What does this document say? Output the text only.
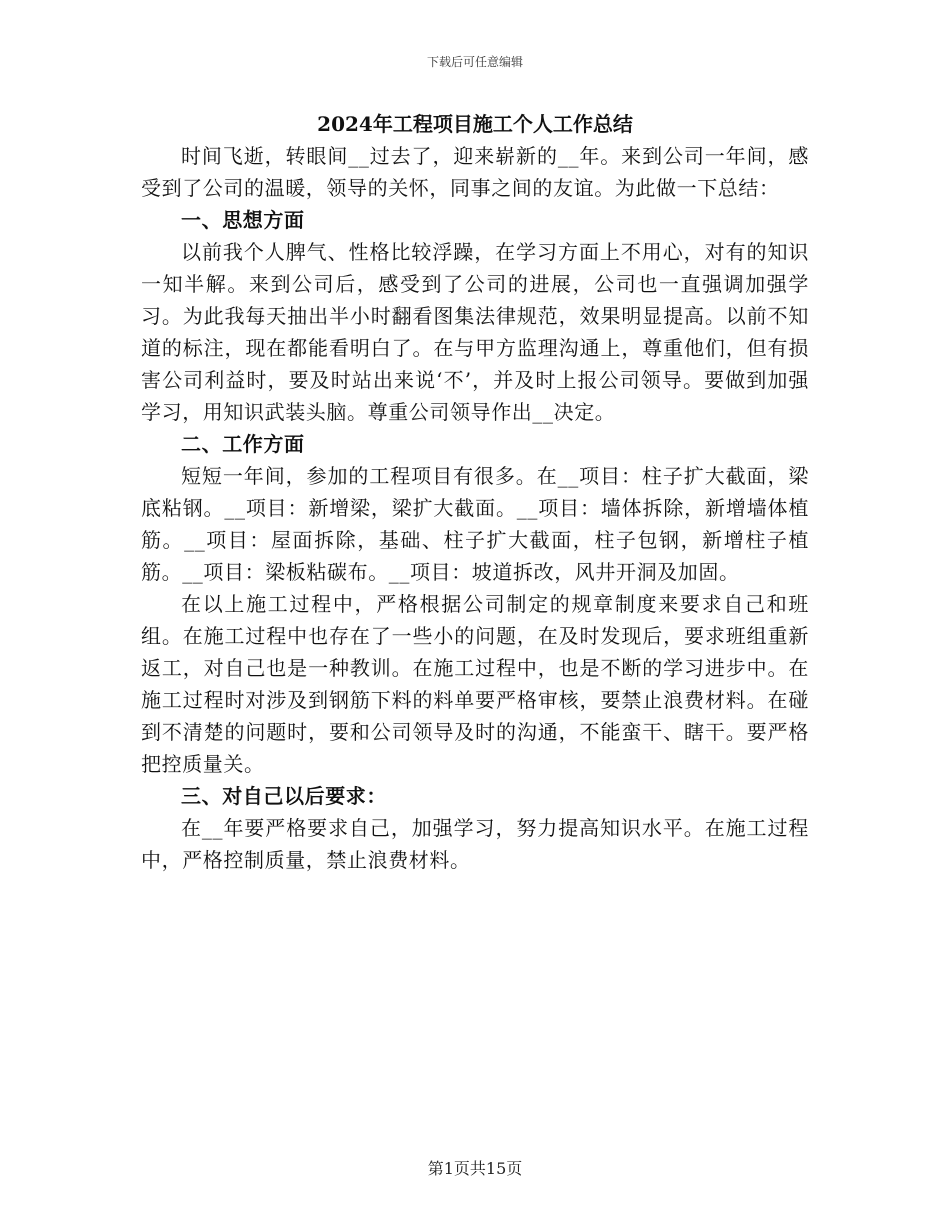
下载后可任意编辑

2024年工程项目施工个人工作总结

时间飞逝，转眼间__过去了，迎来崭新的__年。来到公司一年间，感受到了公司的温暖，领导的关怀，同事之间的友谊。为此做一下总结：

一、思想方面

以前我个人脾气、性格比较浮躁，在学习方面上不用心，对有的知识一知半解。来到公司后，感受到了公司的进展，公司也一直强调加强学习。为此我每天抽出半小时翻看图集法律规范，效果明显提高。以前不知道的标注，现在都能看明白了。在与甲方监理沟通上，尊重他们，但有损害公司利益时，要及时站出来说‘不’，并及时上报公司领导。要做到加强学习，用知识武装头脑。尊重公司领导作出__决定。

二、工作方面

短短一年间，参加的工程项目有很多。在__项目：柱子扩大截面，梁底粘钢。__项目：新增梁，梁扩大截面。__项目：墙体拆除，新增墙体植筋。__项目：屋面拆除，基础、柱子扩大截面，柱子包钢，新增柱子植筋。__项目：梁板粘碳布。__项目：坡道拆改，风井开洞及加固。

在以上施工过程中，严格根据公司制定的规章制度来要求自己和班组。在施工过程中也存在了一些小的问题，在及时发现后，要求班组重新返工，对自己也是一种教训。在施工过程中，也是不断的学习进步中。在施工过程时对涉及到钢筋下料的料单要严格审核，要禁止浪费材料。在碰到不清楚的问题时，要和公司领导及时的沟通，不能蛮干、瞎干。要严格把控质量关。

三、对自己以后要求：

在__年要严格要求自己，加强学习，努力提高知识水平。在施工过程中，严格控制质量，禁止浪费材料。

第1页共15页
